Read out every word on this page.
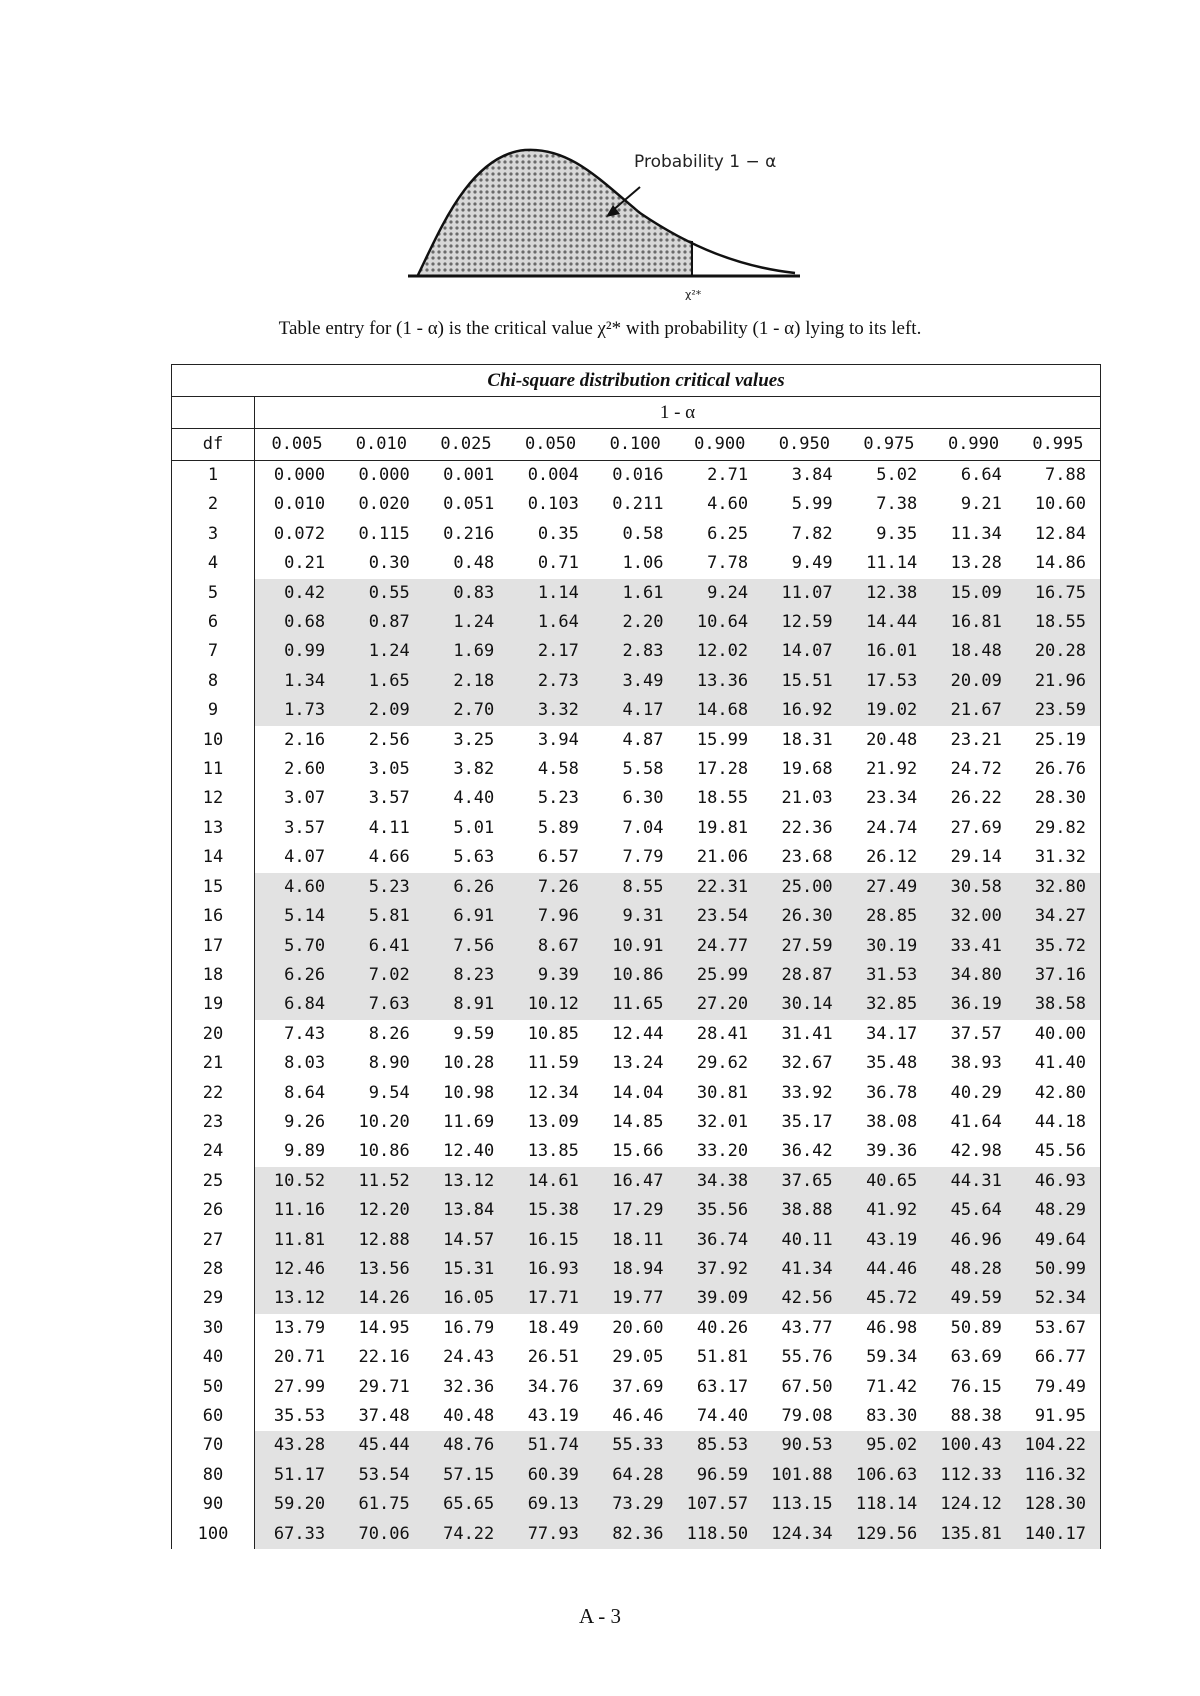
Probability 1 − α
χ²*
Table entry for (1 - α) is the critical value χ²* with probability (1 - α) lying to its left.
Chi-square distribution critical values										
	1 - α									
df	0.005	0.010	0.025	0.050	0.100	0.900	0.950	0.975	0.990	0.995
1	0.000	0.000	0.001	0.004	0.016	2.71	3.84	5.02	6.64	7.88
2	0.010	0.020	0.051	0.103	0.211	4.60	5.99	7.38	9.21	10.60
3	0.072	0.115	0.216	0.35	0.58	6.25	7.82	9.35	11.34	12.84
4	0.21	0.30	0.48	0.71	1.06	7.78	9.49	11.14	13.28	14.86
5	0.42	0.55	0.83	1.14	1.61	9.24	11.07	12.38	15.09	16.75
6	0.68	0.87	1.24	1.64	2.20	10.64	12.59	14.44	16.81	18.55
7	0.99	1.24	1.69	2.17	2.83	12.02	14.07	16.01	18.48	20.28
8	1.34	1.65	2.18	2.73	3.49	13.36	15.51	17.53	20.09	21.96
9	1.73	2.09	2.70	3.32	4.17	14.68	16.92	19.02	21.67	23.59
10	2.16	2.56	3.25	3.94	4.87	15.99	18.31	20.48	23.21	25.19
11	2.60	3.05	3.82	4.58	5.58	17.28	19.68	21.92	24.72	26.76
12	3.07	3.57	4.40	5.23	6.30	18.55	21.03	23.34	26.22	28.30
13	3.57	4.11	5.01	5.89	7.04	19.81	22.36	24.74	27.69	29.82
14	4.07	4.66	5.63	6.57	7.79	21.06	23.68	26.12	29.14	31.32
15	4.60	5.23	6.26	7.26	8.55	22.31	25.00	27.49	30.58	32.80
16	5.14	5.81	6.91	7.96	9.31	23.54	26.30	28.85	32.00	34.27
17	5.70	6.41	7.56	8.67	10.91	24.77	27.59	30.19	33.41	35.72
18	6.26	7.02	8.23	9.39	10.86	25.99	28.87	31.53	34.80	37.16
19	6.84	7.63	8.91	10.12	11.65	27.20	30.14	32.85	36.19	38.58
20	7.43	8.26	9.59	10.85	12.44	28.41	31.41	34.17	37.57	40.00
21	8.03	8.90	10.28	11.59	13.24	29.62	32.67	35.48	38.93	41.40
22	8.64	9.54	10.98	12.34	14.04	30.81	33.92	36.78	40.29	42.80
23	9.26	10.20	11.69	13.09	14.85	32.01	35.17	38.08	41.64	44.18
24	9.89	10.86	12.40	13.85	15.66	33.20	36.42	39.36	42.98	45.56
25	10.52	11.52	13.12	14.61	16.47	34.38	37.65	40.65	44.31	46.93
26	11.16	12.20	13.84	15.38	17.29	35.56	38.88	41.92	45.64	48.29
27	11.81	12.88	14.57	16.15	18.11	36.74	40.11	43.19	46.96	49.64
28	12.46	13.56	15.31	16.93	18.94	37.92	41.34	44.46	48.28	50.99
29	13.12	14.26	16.05	17.71	19.77	39.09	42.56	45.72	49.59	52.34
30	13.79	14.95	16.79	18.49	20.60	40.26	43.77	46.98	50.89	53.67
40	20.71	22.16	24.43	26.51	29.05	51.81	55.76	59.34	63.69	66.77
50	27.99	29.71	32.36	34.76	37.69	63.17	67.50	71.42	76.15	79.49
60	35.53	37.48	40.48	43.19	46.46	74.40	79.08	83.30	88.38	91.95
70	43.28	45.44	48.76	51.74	55.33	85.53	90.53	95.02	100.43	104.22
80	51.17	53.54	57.15	60.39	64.28	96.59	101.88	106.63	112.33	116.32
90	59.20	61.75	65.65	69.13	73.29	107.57	113.15	118.14	124.12	128.30
100	67.33	70.06	74.22	77.93	82.36	118.50	124.34	129.56	135.81	140.17
A - 3
